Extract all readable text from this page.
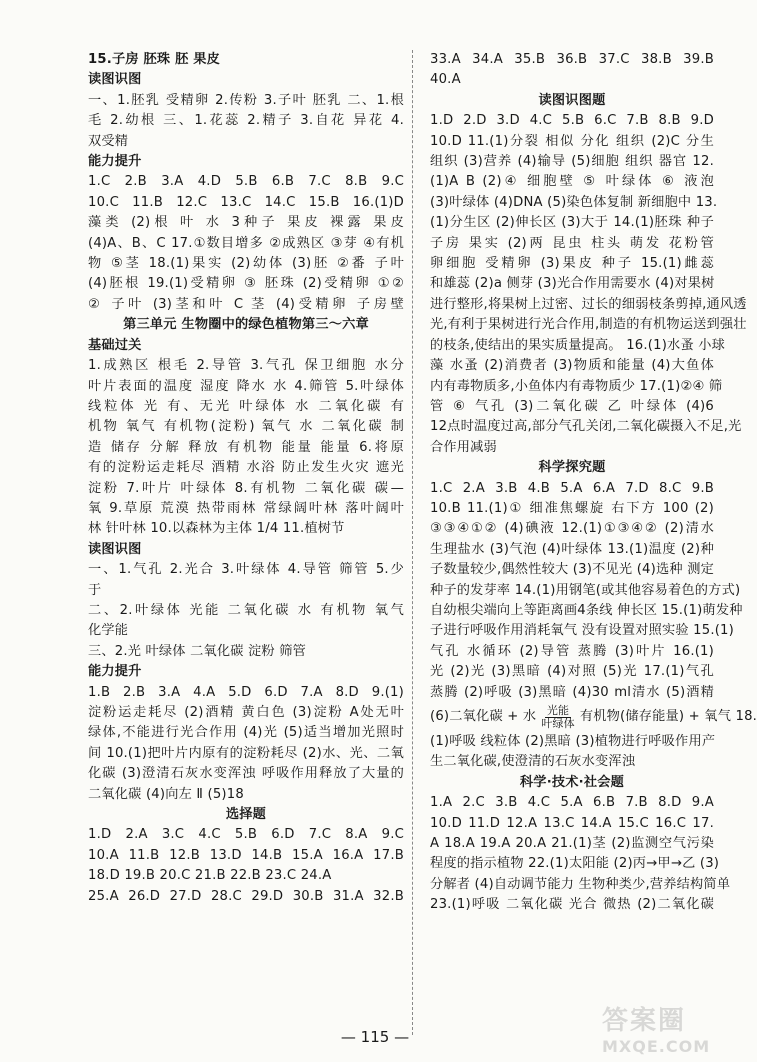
15.子房 胚珠 胚 果皮
读图识图
一、1.胚乳 受精卵 2.传粉 3.子叶 胚乳 二、1.根
毛 2.幼根 三、1.花蕊 2.精子 3.自花 异花 4.
双受精
能力提升
1.C 2.B 3.A 4.D 5.B 6.B 7.C 8.B 9.C
10.C 11.B 12.C 13.C 14.C 15.B 16.(1)D
藻类 (2)根 叶 水 3种子 果皮 裸露 果皮
(4)A、B、C 17.①数目增多 ②成熟区 ③芽 ④有机
物 ⑤茎 18.(1)果实 (2)幼体 (3)胚 ②番 子叶
(4)胚根 19.(1)受精卵 ③ 胚珠 (2)受精卵 ①②
② 子叶 (3)茎和叶 C 茎 (4)受精卵 子房壁
第三单元 生物圈中的绿色植物第三～六章
基础过关
1.成熟区 根毛 2.导管 3.气孔 保卫细胞 水分
叶片表面的温度 湿度 降水 水 4.筛管 5.叶绿体
线粒体 光 有、无光 叶绿体 水 二氧化碳 有
机物 氧气 有机物(淀粉) 氧气 水 二氧化碳 制
造 储存 分解 释放 有机物 能量 能量 6.将原
有的淀粉运走耗尽 酒精 水浴 防止发生火灾 遮光
淀粉 7.叶片 叶绿体 8.有机物 二氧化碳 碳—
氧 9.草原 荒漠 热带雨林 常绿阔叶林 落叶阔叶
林 针叶林 10.以森林为主体 1/4 11.植树节
读图识图
一、1.气孔 2.光合 3.叶绿体 4.导管 筛管 5.少
于
二、2.叶绿体 光能 二氧化碳 水 有机物 氧气
化学能
三、2.光 叶绿体 二氧化碳 淀粉 筛管
能力提升
1.B 2.B 3.A 4.A 5.D 6.D 7.A 8.D 9.(1)
淀粉运走耗尽 (2)酒精 黄白色 (3)淀粉 A处无叶
绿体,不能进行光合作用 (4)光 (5)适当增加光照时
间 10.(1)把叶片内原有的淀粉耗尽 (2)水、光、二氧
化碳 (3)澄清石灰水变浑浊 呼吸作用释放了大量的
二氧化碳 (4)向左 Ⅱ (5)18
选择题
1.D 2.A 3.C 4.C 5.B 6.D 7.C 8.A 9.C
10.A 11.B 12.B 13.D 14.B 15.A 16.A 17.B
18.D 19.B 20.C 21.B 22.B 23.C 24.A
25.A 26.D 27.D 28.C 29.D 30.B 31.A 32.B
33.A 34.A 35.B 36.B 37.C 38.B 39.B
40.A
读图识图题
1.D 2.D 3.D 4.C 5.B 6.C 7.B 8.B 9.D
10.D 11.(1)分裂 相似 分化 组织 (2)C 分生
组织 (3)营养 (4)输导 (5)细胞 组织 器官 12.
(1)A B (2)④ 细胞壁 ⑤ 叶绿体 ⑥ 液泡
(3)叶绿体 (4)DNA (5)染色体复制 新细胞中 13.
(1)分生区 (2)伸长区 (3)大于 14.(1)胚珠 种子
子房 果实 (2)两 昆虫 柱头 萌发 花粉管
卵细胞 受精卵 (3)果皮 种子 15.(1)雌蕊
和雄蕊 (2)a 侧芽 (3)光合作用需要水 (4)对果树
进行整形,将果树上过密、过长的细弱枝条剪掉,通风透
光,有利于果树进行光合作用,制造的有机物运送到强壮
的枝条,使结出的果实质量提高。 16.(1)水蚤 小球
藻 水蚤 (2)消费者 (3)物质和能量 (4)大鱼体
内有毒物质多,小鱼体内有毒物质少 17.(1)②④ 筛
管 ⑥ 气孔 (3)二氧化碳 乙 叶绿体 (4)6
12点时温度过高,部分气孔关闭,二氧化碳摄入不足,光
合作用减弱
科学探究题
1.C 2.A 3.B 4.B 5.A 6.A 7.D 8.C 9.B
10.B 11.(1)① 细准焦螺旋 右下方 100 (2)
③③④①② (4)碘液 12.(1)①③④② (2)清水
生理盐水 (3)气泡 (4)叶绿体 13.(1)温度 (2)种
子数量较少,偶然性较大 (3)不见光 (4)选种 测定
种子的发芽率 14.(1)用钢笔(或其他容易着色的方式)
自幼根尖端向上等距离画4条线 伸长区 15.(1)萌发种
子进行呼吸作用消耗氧气 没有设置对照实验 15.(1)
气孔 水循环 (2)导管 蒸腾 (3)叶片 16.(1)
光 (2)光 (3)黑暗 (4)对照 (5)光 17.(1)气孔
蒸腾 (2)呼吸 (3)黑暗 (4)30 ml清水 (5)酒精
(6)二氧化碳 + 水 $\frac{\text{光能}}{\text{叶绿体}}$ 有机物(储存能量) + 氧气 18.
(1)呼吸 线粒体 (2)黑暗 (3)植物进行呼吸作用产
生二氧化碳,使澄清的石灰水变浑浊
科学·技术·社会题
1.A 2.C 3.B 4.C 5.A 6.B 7.B 8.D 9.A
10.D 11.D 12.A 13.C 14.A 15.C 16.C 17.
A 18.A 19.A 20.A 21.(1)茎 (2)监测空气污染
程度的指示植物 22.(1)太阳能 (2)丙→甲→乙 (3)
分解者 (4)自动调节能力 生物种类少,营养结构简单
23.(1)呼吸 二氧化碳 光合 微热 (2)二氧化碳
— 115 —
答案圈
MXQE.COM
